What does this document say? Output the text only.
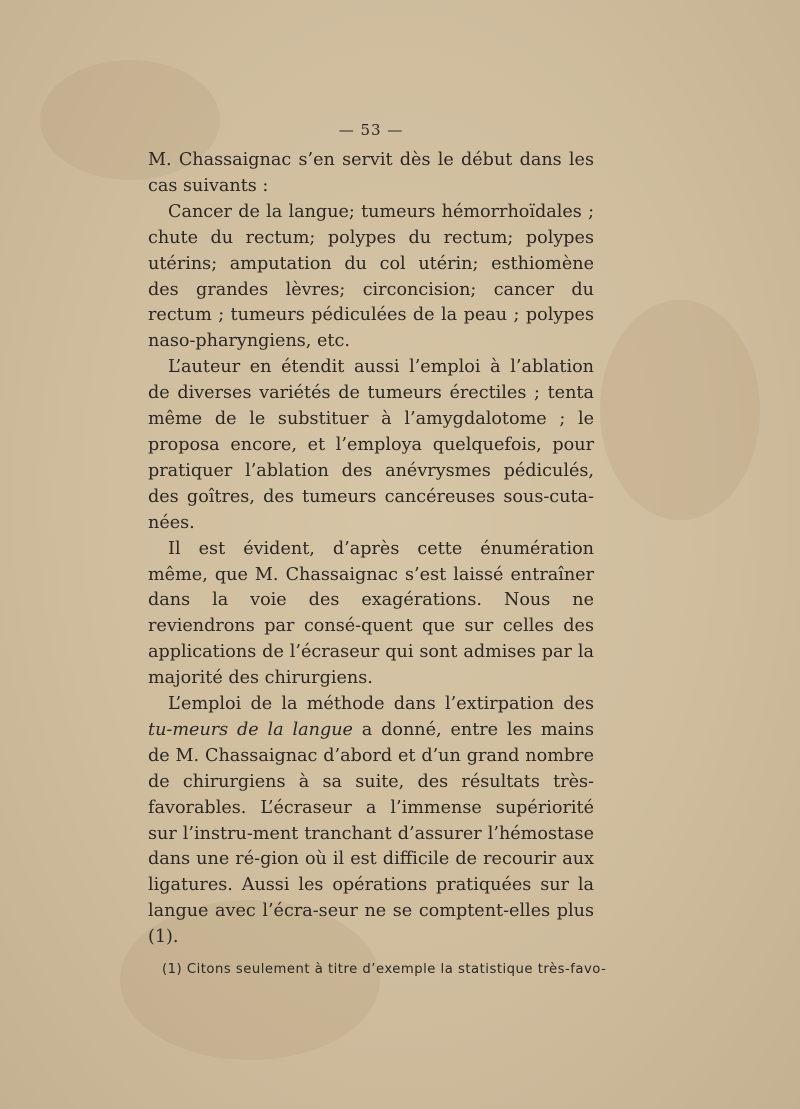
— 53 —

M. Chassaignac s’en servit dès le début dans les cas suivants :

Cancer de la langue; tumeurs hémorrhoïdales ; chute du rectum; polypes du rectum; polypes utérins; amputation du col utérin; esthiomène des grandes lèvres; circoncision; cancer du rectum ; tumeurs pédiculées de la peau ; polypes naso-pharyngiens, etc.

L’auteur en étendit aussi l’emploi à l’ablation de diverses variétés de tumeurs érectiles ; tenta même de le substituer à l’amygdalotome ; le proposa encore, et l’employa quelquefois, pour pratiquer l’ablation des anévrysmes pédiculés, des goîtres, des tumeurs cancéreuses sous-cuta-nées.

Il est évident, d’après cette énumération même, que M. Chassaignac s’est laissé entraîner dans la voie des exagérations. Nous ne reviendrons par consé-quent que sur celles des applications de l’écraseur qui sont admises par la majorité des chirurgiens.

L’emploi de la méthode dans l’extirpation des tu-meurs de la langue a donné, entre les mains de M. Chassaignac d’abord et d’un grand nombre de chirurgiens à sa suite, des résultats très-favorables. L’écraseur a l’immense supériorité sur l’instru-ment tranchant d’assurer l’hémostase dans une ré-gion où il est difficile de recourir aux ligatures. Aussi les opérations pratiquées sur la langue avec l’écra-seur ne se comptent-elles plus (1).

(1) Citons seulement à titre d’exemple la statistique très-favo-
